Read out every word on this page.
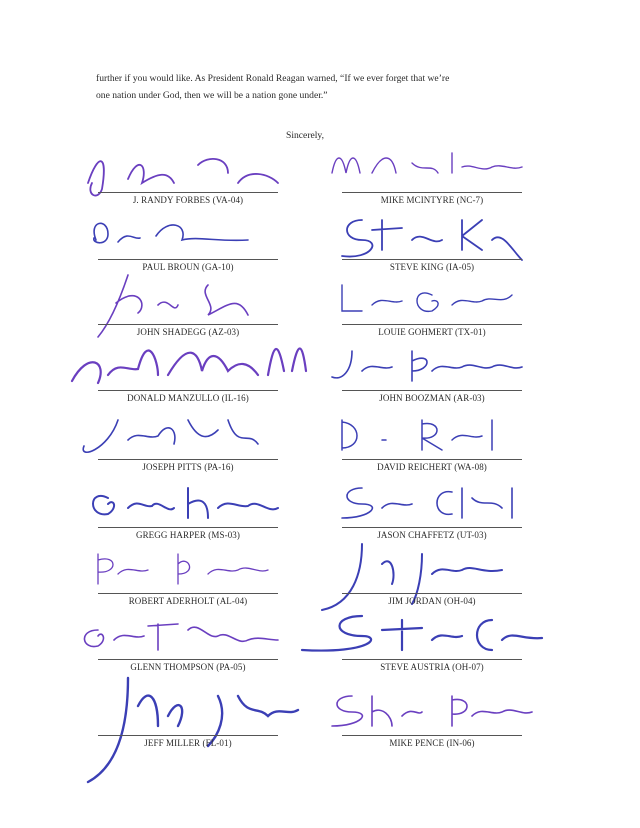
further if you would like. As President Ronald Reagan warned, “If we ever forget that we’re

one nation under God, then we will be a nation gone under.”

Sincerely,
J. RANDY FORBES (VA-04)
PAUL BROUN (GA-10)
JOHN SHADEGG (AZ-03)
DONALD MANZULLO (IL-16)
JOSEPH PITTS (PA-16)
GREGG HARPER (MS-03)
ROBERT ADERHOLT (AL-04)
GLENN THOMPSON (PA-05)
JEFF MILLER (FL-01)
MIKE MCINTYRE (NC-7)
STEVE KING (IA-05)
LOUIE GOHMERT (TX-01)
JOHN BOOZMAN (AR-03)
DAVID REICHERT (WA-08)
JASON CHAFFETZ (UT-03)
JIM JORDAN (OH-04)
STEVE AUSTRIA (OH-07)
MIKE PENCE (IN-06)
